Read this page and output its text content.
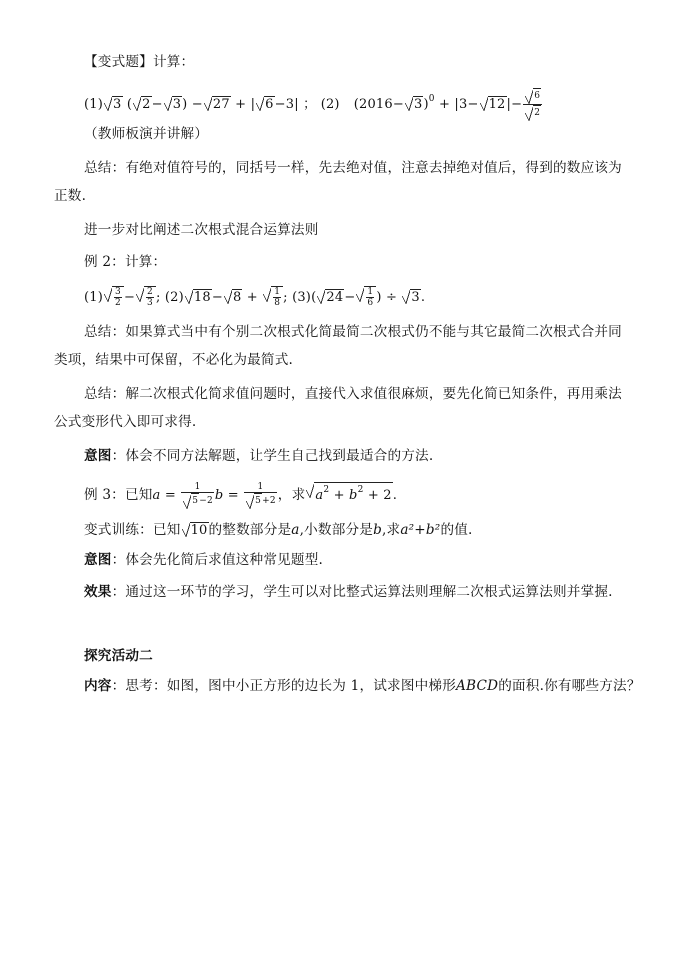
【变式题】计算：
(1) 3 ( 2− 3) − 27 + | 6−3| ； (2) $(2016- 3)^0 + |3- 12|- \frac{6}{2}$
（教师板演并讲解）
总结：有绝对值符号的，同括号一样，先去绝对值，注意去掉绝对值后，得到的数应该为
正数.
进一步对比阐述二次根式混合运算法则
例 2：计算：
$(1) \frac{3}{2} - \frac{2}{3}$ ; (2) $18- 8 + \frac{1}{8}$ ; (3)( $24- \frac{1}{6}$ ) ÷ 3.
总结：如果算式当中有个别二次根式化简最简二次根式仍不能与其它最简二次根式合并同
类项，结果中可保留，不必化为最简式.
总结：解二次根式化简求值问题时，直接代入求值很麻烦，要先化简已知条件，再用乘法
公式变形代入即可求得.
意图：体会不同方法解题，让学生自己找到最适合的方法.
例 3：已知$a = \frac{1}{5-2}$ $b = \frac{1}{5+2}$ ，求 $a^2 + b^2 + 2$.
变式训练：已知 10的整数部分是a,小数部分是b,求a²+b²的值.
意图：体会先化简后求值这种常见题型.
效果：通过这一环节的学习，学生可以对比整式运算法则理解二次根式运算法则并掌握.
探究活动二
内容：思考：如图，图中小正方形的边长为 1，试求图中梯形ABCD的面积.你有哪些方法？
